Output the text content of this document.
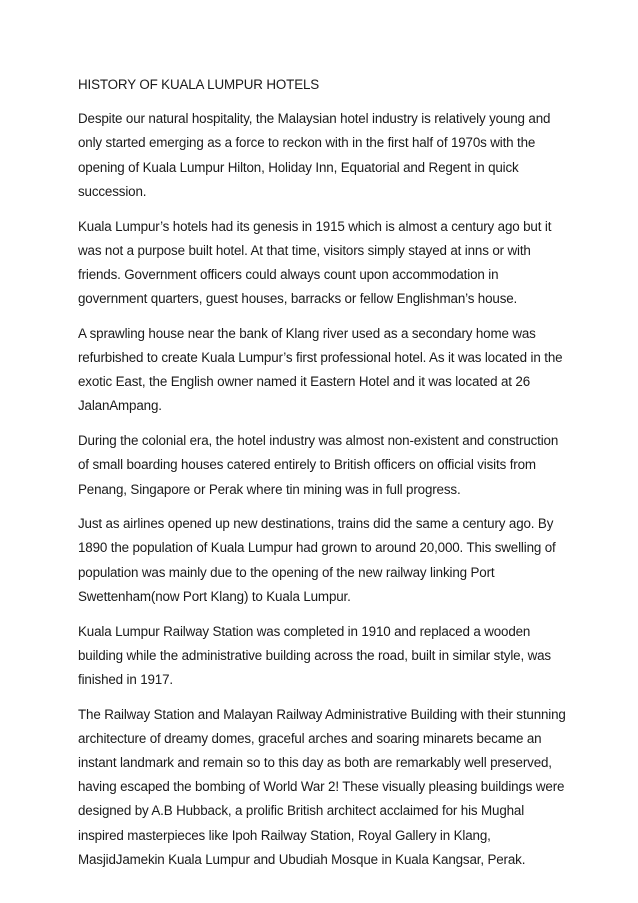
HISTORY OF KUALA LUMPUR HOTELS

Despite our natural hospitality, the Malaysian hotel industry is relatively young and only started emerging as a force to reckon with in the first half of 1970s with the opening of Kuala Lumpur Hilton, Holiday Inn, Equatorial and Regent in quick succession.

Kuala Lumpur’s hotels had its genesis in 1915 which is almost a century ago but it was not a purpose built hotel. At that time, visitors simply stayed at inns or with friends. Government officers could always count upon accommodation in government quarters, guest houses, barracks or fellow Englishman’s house.

A sprawling house near the bank of Klang river used as a secondary home was refurbished to create Kuala Lumpur’s first professional hotel. As it was located in the exotic East, the English owner named it Eastern Hotel and it was located at 26 JalanAmpang.

During the colonial era, the hotel industry was almost non-existent and construction of small boarding houses catered entirely to British officers on official visits from Penang, Singapore or Perak where tin mining was in full progress.

Just as airlines opened up new destinations, trains did the same a century ago. By 1890 the population of Kuala Lumpur had grown to around 20,000. This swelling of population was mainly due to the opening of the new railway linking Port Swettenham(now Port Klang) to Kuala Lumpur.

Kuala Lumpur Railway Station was completed in 1910 and replaced a wooden building while the administrative building across the road, built in similar style, was finished in 1917.

The Railway Station and Malayan Railway Administrative Building with their stunning architecture of dreamy domes, graceful arches and soaring minarets became an instant landmark and remain so to this day as both are remarkably well preserved, having escaped the bombing of World War 2! These visually pleasing buildings were designed by A.B Hubback, a prolific British architect acclaimed for his Mughal inspired masterpieces like Ipoh Railway Station, Royal Gallery in Klang, MasjidJamekin Kuala Lumpur and Ubudiah Mosque in Kuala Kangsar, Perak.
